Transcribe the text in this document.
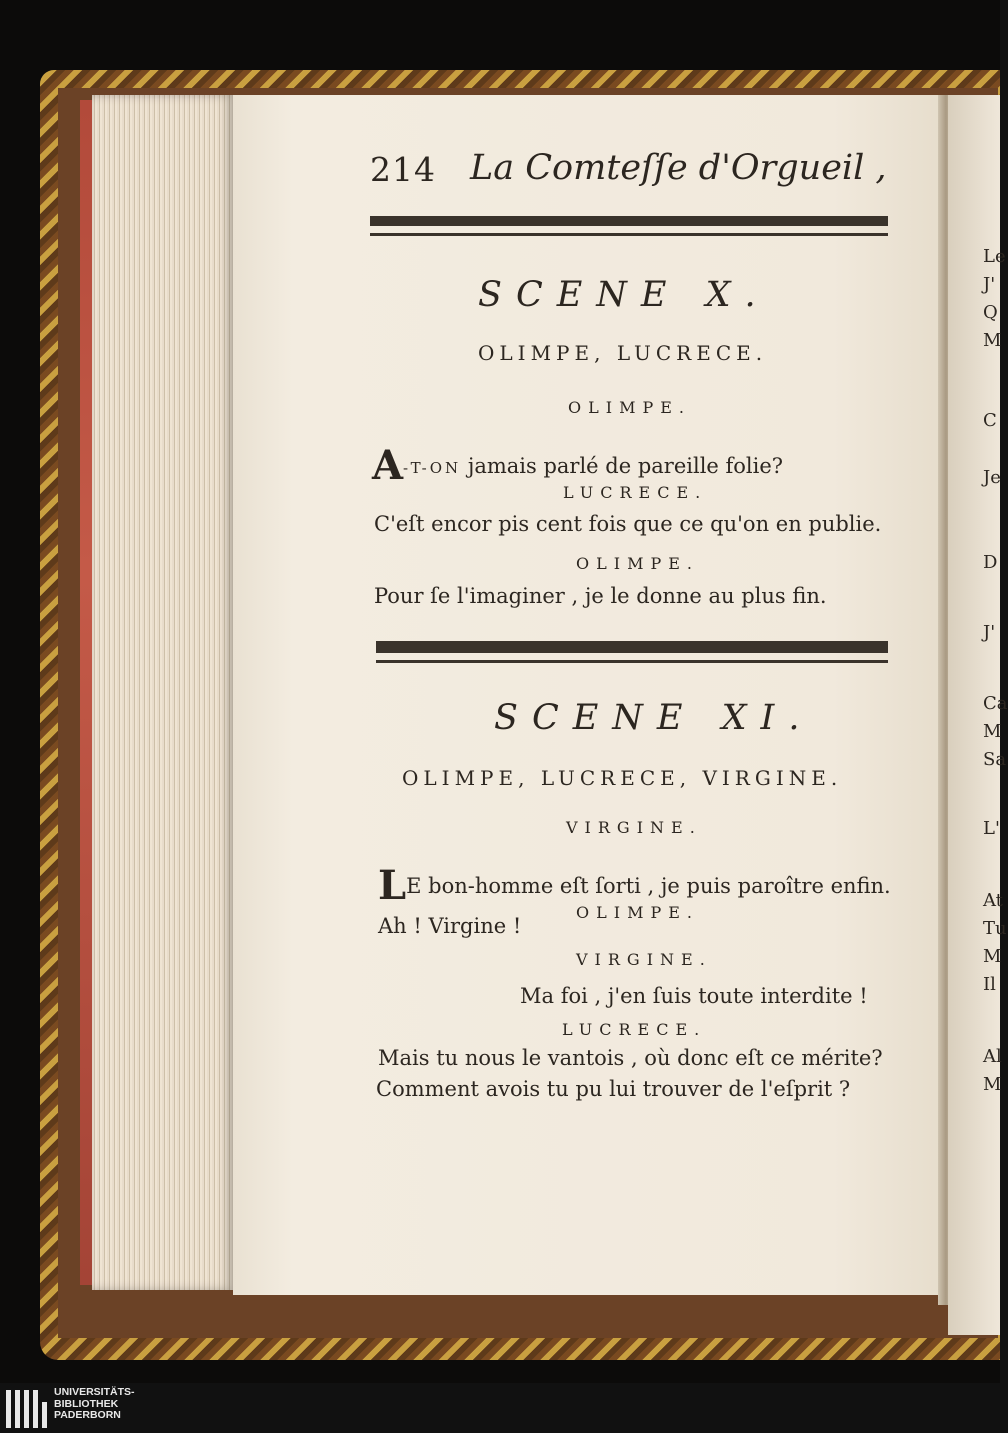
214 La Comteſſe d'Orgueil ,
SCENE X.
OLIMPE, LUCRECE.
OLIMPE.
A-T-ON jamais parlé de pareille folie?
LUCRECE.
C'eſt encor pis cent fois que ce qu'on en publie.
OLIMPE.
Pour ſe l'imaginer , je le donne au plus fin.
SCENE XI.
OLIMPE, LUCRECE, VIRGINE.
VIRGINE.
LE bon-homme eſt ſorti , je puis paroître enfin.
OLIMPE.
Ah ! Virgine !
VIRGINE.
Ma foi , j'en ſuis toute interdite !
LUCRECE.
Mais tu nous le vantois , où donc eſt ce mérite?
Comment avois tu pu lui trouver de l'eſprit ?
Le
J'
Q
M
C
Je
D
J'
Ca
M
Sa
L'
At
Tu
M
Il
Al
M
UNIVERSITÄTS-
BIBLIOTHEK
PADERBORN
